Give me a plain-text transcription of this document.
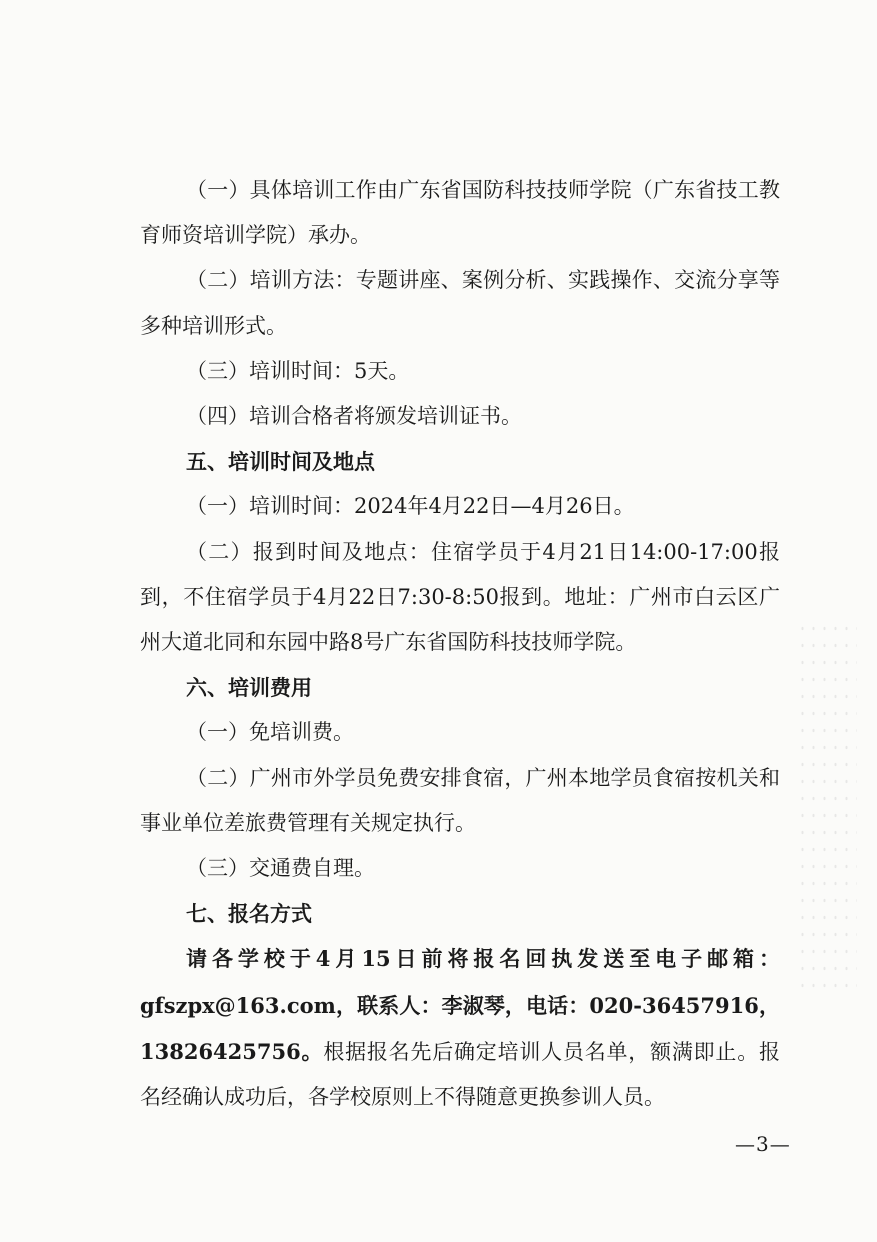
（一）具体培训工作由广东省国防科技技师学院（广东省技工教育师资培训学院）承办。

（二）培训方法：专题讲座、案例分析、实践操作、交流分享等多种培训形式。

（三）培训时间：5天。

（四）培训合格者将颁发培训证书。

五、培训时间及地点

（一）培训时间：2024年4月22日—4月26日。

（二）报到时间及地点：住宿学员于4月21日14:00-17:00报到，不住宿学员于4月22日7:30-8:50报到。地址：广州市白云区广州大道北同和东园中路8号广东省国防科技技师学院。

六、培训费用

（一）免培训费。

（二）广州市外学员免费安排食宿，广州本地学员食宿按机关和事业单位差旅费管理有关规定执行。

（三）交通费自理。

七、报名方式

请各学校于4月15日前将报名回执发送至电子邮箱：gfszpx@163.com，联系人：李淑琴，电话：020-36457916，13826425756。根据报名先后确定培训人员名单，额满即止。报名经确认成功后，各学校原则上不得随意更换参训人员。

—3—
